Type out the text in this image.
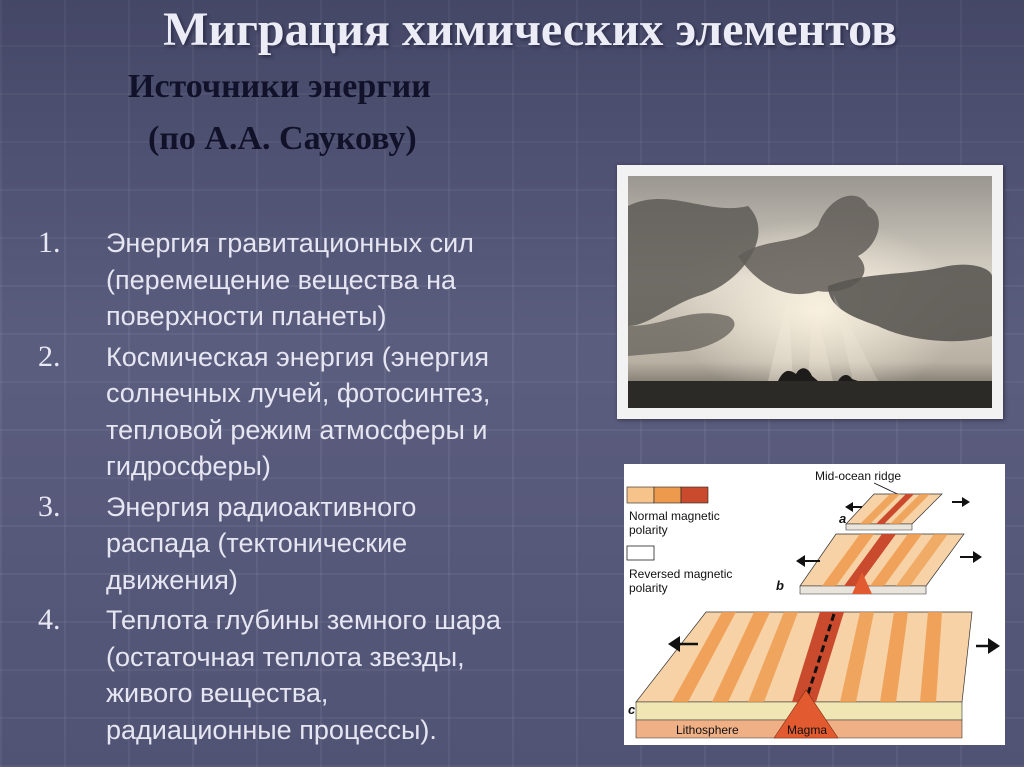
Миграция химических элементов

Источники энергии

(по А.А. Саукову)

1.	Энергия гравитационных сил
(перемещение вещества на
поверхности планеты)
2.	Космическая энергия (энергия
солнечных лучей, фотосинтез,
тепловой режим атмосферы и
гидросферы)
3.	Энергия радиоактивного
распада (тектонические
движения)
4.	Теплота глубины земного шара
(остаточная теплота звезды,
живого вещества,
радиационные процессы).
Normal magnetic
polarity
Reversed magnetic
polarity
Mid-ocean ridge
a
b
c
Lithosphere	Magma
